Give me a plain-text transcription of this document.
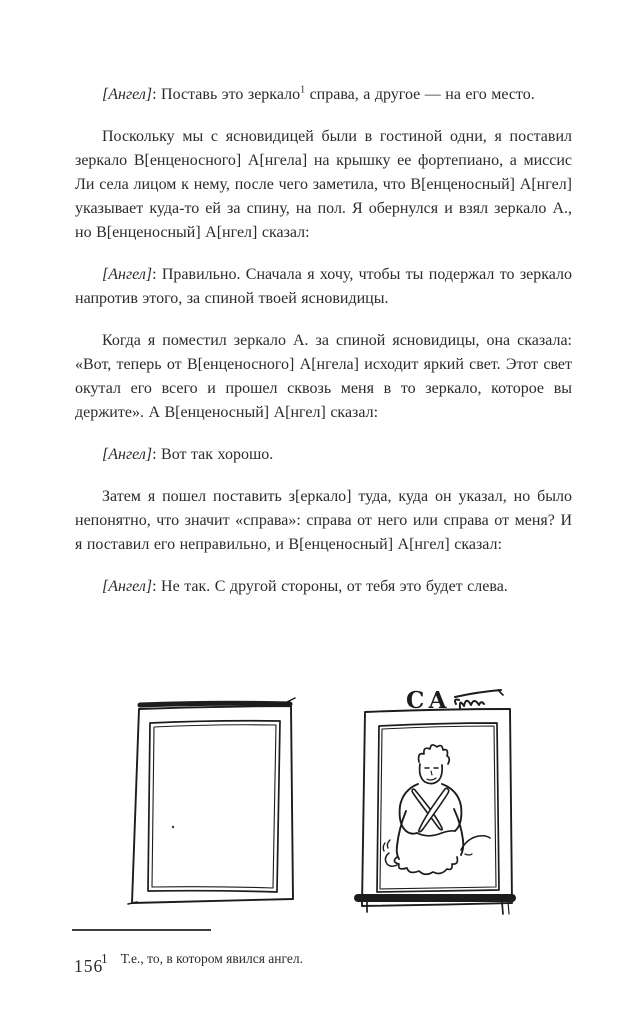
[Ангел]: Поставь это зеркало$^1$ справа, а другое — на его место.

Поскольку мы с ясновидицей были в гостиной одни, я поставил зеркало В[енценосного] А[нгела] на крышку ее фортепиано, а миссис Ли села лицом к нему, после чего заметила, что В[енценосный] А[нгел] указывает куда-то ей за спину, на пол. Я обернулся и взял зеркало А., но В[енценосный] А[нгел] сказал:

[Ангел]: Правильно. Сначала я хочу, чтобы ты подержал то зеркало напротив этого, за спиной твоей ясновидицы.

Когда я поместил зеркало А. за спиной ясновидицы, она сказала: «Вот, теперь от В[енценосного] А[нгела] исходит яркий свет. Этот свет окутал его всего и прошел сквозь меня в то зеркало, которое вы держите». А В[енценосный] А[нгел] сказал:

[Ангел]: Вот так хорошо.

Затем я пошел поставить з[еркало] туда, куда он указал, но было непонятно, что значит «справа»: справа от него или справа от меня? И я поставил его неправильно, и В[енценосный] А[нгел] сказал:

[Ангел]: Не так. С другой стороны, от тебя это будет слева.

СА

1 Т.е., то, в котором явился ангел.

156
